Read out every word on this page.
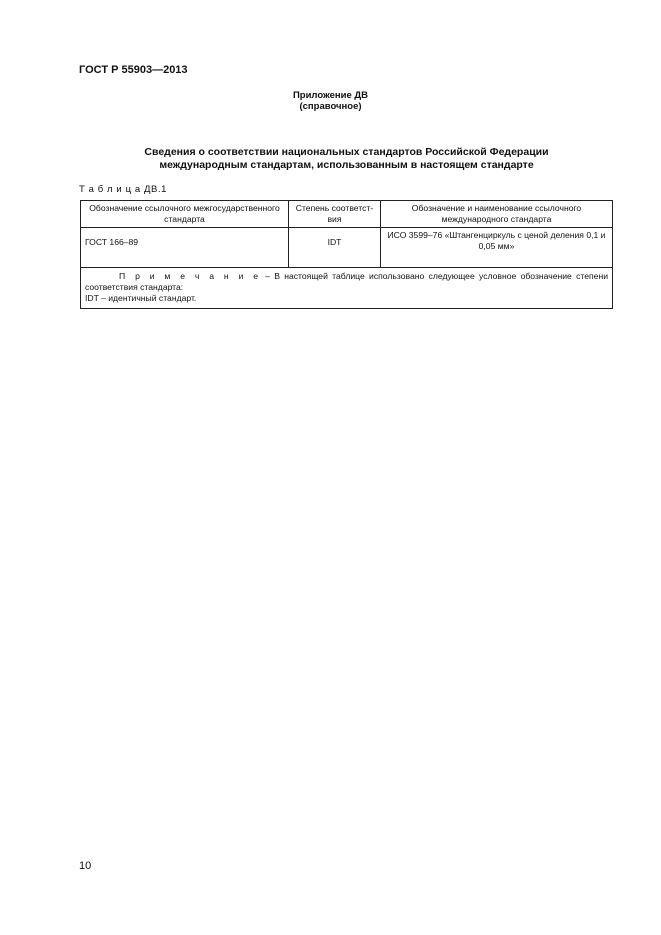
ГОСТ Р 55903—2013
Приложение ДВ
(справочное)
Сведения о соответствии национальных стандартов Российской Федерации
международным стандартам, использованным в настоящем стандарте
Т а б л и ц а ДВ.1
Обозначение ссылочного межгосударственного стандарта	Степень соответст-вия	Обозначение и наименование ссылочного международного стандарта
ГОСТ 166–89	IDT	ИСО 3599–76 «Штангенциркуль с ценой деления 0,1 и 0,05 мм»

П р и м е ч а н и е – В настоящей таблице использовано следующее условное обозначение степени соответствия стандарта:
IDT – идентичный стандарт.		
10
